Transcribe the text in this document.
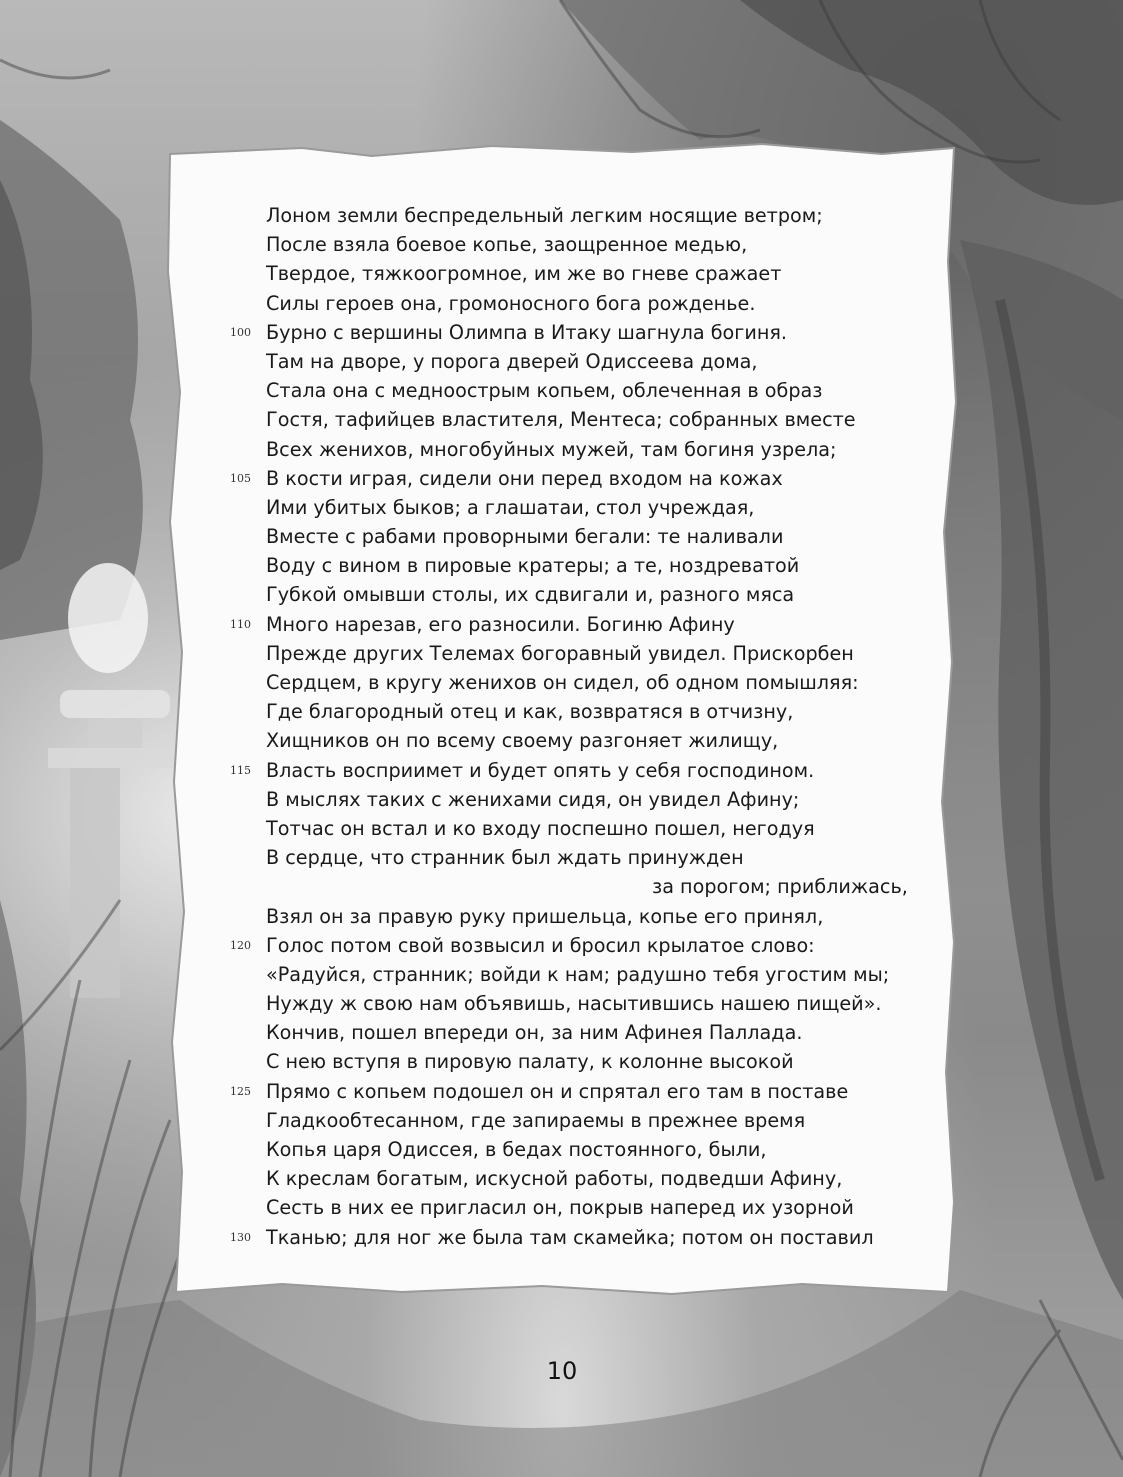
Лоном земли беспредельный легким носящие ветром;
После взяла боевое копье, заощренное медью,
Твердое, тяжкоогромное, им же во гневе сражает
Силы героев она, громоносного бога рожденье.
100 Бурно с вершины Олимпа в Итаку шагнула богиня.
Там на дворе, у порога дверей Одиссеева дома,
Стала она с медноострым копьем, облеченная в образ
Гостя, тафийцев властителя, Ментеса; собранных вместе
Всех женихов, многобуйных мужей, там богиня узрела;
105 В кости играя, сидели они перед входом на кожах
Ими убитых быков; а глашатаи, стол учреждая,
Вместе с рабами проворными бегали: те наливали
Воду с вином в пировые кратеры; а те, ноздреватой
Губкой омывши столы, их сдвигали и, разного мяса
110 Много нарезав, его разносили. Богиню Афину
Прежде других Телемах богоравный увидел. Прискорбен
Сердцем, в кругу женихов он сидел, об одном помышляя:
Где благородный отец и как, возвратяся в отчизну,
Хищников он по всему своему разгоняет жилищу,
115 Власть восприимет и будет опять у себя господином.
В мыслях таких с женихами сидя, он увидел Афину;
Тотчас он встал и ко входу поспешно пошел, негодуя
В сердце, что странник был ждать принужден
за порогом; приближась,
Взял он за правую руку пришельца, копье его принял,
120 Голос потом свой возвысил и бросил крылатое слово:
«Радуйся, странник; войди к нам; радушно тебя угостим мы;
Нужду ж свою нам объявишь, насытившись нашею пищей».
Кончив, пошел впереди он, за ним Афинея Паллада.
С нею вступя в пировую палату, к колонне высокой
125 Прямо с копьем подошел он и спрятал его там в поставе
Гладкообтесанном, где запираемы в прежнее время
Копья царя Одиссея, в бедах постоянного, были,
К креслам богатым, искусной работы, подведши Афину,
Сесть в них ее пригласил он, покрыв наперед их узорной
130 Тканью; для ног же была там скамейка; потом он поставил
10
